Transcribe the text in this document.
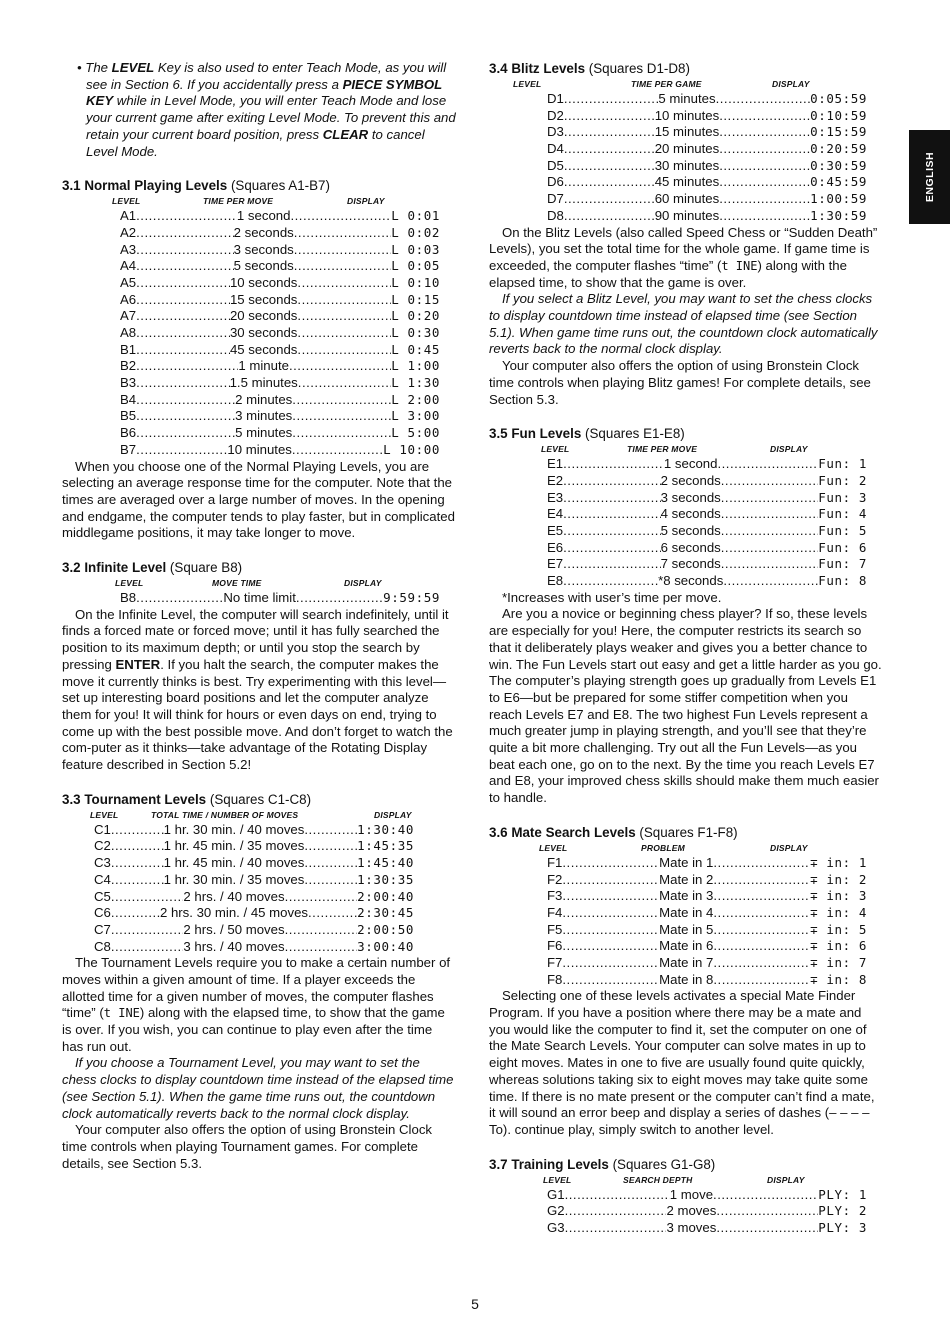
ENGLISH

• The LEVEL Key is also used to enter Teach Mode, as you will see in Section 6. If you accidentally press a PIECE SYMBOL KEY while in Level Mode, you will enter Teach Mode and lose your current game after exiting Level Mode. To prevent this and retain your current board position, press CLEAR to cancel Level Mode.

3.1 Normal Playing Levels (Squares A1-B7)

LEVEL	TIME PER MOVE	DISPLAY
A1 .....	1 second .....	L 0:01
A2 .....	2 seconds .....	L 0:02
A3 .....	3 seconds .....	L 0:03
A4 .....	5 seconds .....	L 0:05
A5 .....	10 seconds .....	L 0:10
A6 .....	15 seconds .....	L 0:15
A7 .....	20 seconds .....	L 0:20
A8 .....	30 seconds .....	L 0:30
B1 .....	45 seconds .....	L 0:45
B2 .....	1 minute .....	L 1:00
B3 .....	1.5 minutes .....	L 1:30
B4 .....	2 minutes .....	L 2:00
B5 .....	3 minutes .....	L 3:00
B6 .....	5 minutes .....	L 5:00
B7 .....	10 minutes .....	L 10:00

When you choose one of the Normal Playing Levels, you are selecting an average response time for the computer. Note that the times are averaged over a large number of moves. In the opening and endgame, the computer tends to play faster, but in complicated middlegame positions, it may take longer to move.

3.2 Infinite Level (Square B8)

LEVEL	MOVE TIME	DISPLAY
B8 .....	No time limit .....	9:59:59

On the Infinite Level, the computer will search indefinitely, until it finds a forced mate or forced move; until it has fully searched the position to its maximum depth; or until you stop the search by pressing ENTER. If you halt the search, the computer makes the move it currently thinks is best. Try experimenting with this level—set up interesting board positions and let the computer analyze them for you! It will think for hours or even days on end, trying to come up with the best possible move. And don’t forget to watch the com-puter as it thinks—take advantage of the Rotating Display feature described in Section 5.2!

3.3 Tournament Levels (Squares C1-C8)

LEVEL	TOTAL TIME / NUMBER OF MOVES	DISPLAY
C1 .....	1 hr. 30 min. / 40 moves .....	1:30:40
C2 .....	1 hr. 45 min. / 35 moves .....	1:45:35
C3 .....	1 hr. 45 min. / 40 moves .....	1:45:40
C4 .....	1 hr. 30 min. / 35 moves .....	1:30:35
C5 .....	2 hrs. / 40 moves .....	2:00:40
C6 .....	2 hrs. 30 min. / 45 moves .....	2:30:45
C7 .....	2 hrs. / 50 moves .....	2:00:50
C8 .....	3 hrs. / 40 moves .....	3:00:40

The Tournament Levels require you to make a certain number of moves within a given amount of time. If a player exceeds the allotted time for a given number of moves, the computer flashes “time” (t INE) along with the elapsed time, to show that the game is over. If you wish, you can continue to play even after the time has run out.

If you choose a Tournament Level, you may want to set the chess clocks to display countdown time instead of the elapsed time (see Section 5.1). When the game time runs out, the countdown clock automatically reverts back to the normal clock display.

Your computer also offers the option of using Bronstein Clock time controls when playing Tournament games. For complete details, see Section 5.3.

3.4 Blitz Levels (Squares D1-D8)

LEVEL	TIME PER GAME	DISPLAY
D1 .....	5 minutes .....	0:05:59
D2 .....	10 minutes .....	0:10:59
D3 .....	15 minutes .....	0:15:59
D4 .....	20 minutes .....	0:20:59
D5 .....	30 minutes .....	0:30:59
D6 .....	45 minutes .....	0:45:59
D7 .....	60 minutes .....	1:00:59
D8 .....	90 minutes .....	1:30:59

On the Blitz Levels (also called Speed Chess or “Sudden Death” Levels), you set the total time for the whole game. If game time is exceeded, the computer flashes “time” (t INE) along with the elapsed time, to show that the game is over.

If you select a Blitz Level, you may want to set the chess clocks to display countdown time instead of elapsed time (see Section 5.1). When game time runs out, the countdown clock automatically reverts back to the normal clock display.

Your computer also offers the option of using Bronstein Clock time controls when playing Blitz games! For complete details, see Section 5.3.

3.5 Fun Levels (Squares E1-E8)

LEVEL	TIME PER MOVE	DISPLAY
E1 .....	1 second .....	Fun: 1
E2 .....	2 seconds .....	Fun: 2
E3 .....	3 seconds .....	Fun: 3
E4 .....	4 seconds .....	Fun: 4
E5 .....	5 seconds .....	Fun: 5
E6 .....	6 seconds .....	Fun: 6
E7 .....	7 seconds .....	Fun: 7
E8 .....	*8 seconds .....	Fun: 8

*Increases with user’s time per move.

Are you a novice or beginning chess player? If so, these levels are especially for you! Here, the computer restricts its search so that it deliberately plays weaker and gives you a better chance to win. The Fun Levels start out easy and get a little harder as you go. The computer’s playing strength goes up gradually from Levels E1 to E6—but be prepared for some stiffer competition when you reach Levels E7 and E8. The two highest Fun Levels represent a much greater jump in playing strength, and you’ll see that they’re quite a bit more challenging. Try out all the Fun Levels—as you beat each one, go on to the next. By the time you reach Levels E7 and E8, your improved chess skills should make them much easier to handle.

3.6 Mate Search Levels (Squares F1-F8)

LEVEL	PROBLEM	DISPLAY
F1 .....	Mate in 1 .....	∓ in: 1
F2 .....	Mate in 2 .....	∓ in: 2
F3 .....	Mate in 3 .....	∓ in: 3
F4 .....	Mate in 4 .....	∓ in: 4
F5 .....	Mate in 5 .....	∓ in: 5
F6 .....	Mate in 6 .....	∓ in: 6
F7 .....	Mate in 7 .....	∓ in: 7
F8 .....	Mate in 8 .....	∓ in: 8

Selecting one of these levels activates a special Mate Finder Program. If you have a position where there may be a mate and you would like the computer to find it, set the computer on one of the Mate Search Levels. Your computer can solve mates in up to eight moves. Mates in one to five are usually found quite quickly, whereas solutions taking six to eight moves may take quite some time. If there is no mate present or the computer can’t find a mate, it will sound an error beep and display a series of dashes (– – – – To). continue play, simply switch to another level.

3.7 Training Levels (Squares G1-G8)

LEVEL	SEARCH DEPTH	DISPLAY
G1 .....	1 move .....	PLY: 1
G2 .....	2 moves .....	PLY: 2
G3 .....	3 moves .....	PLY: 3
5
